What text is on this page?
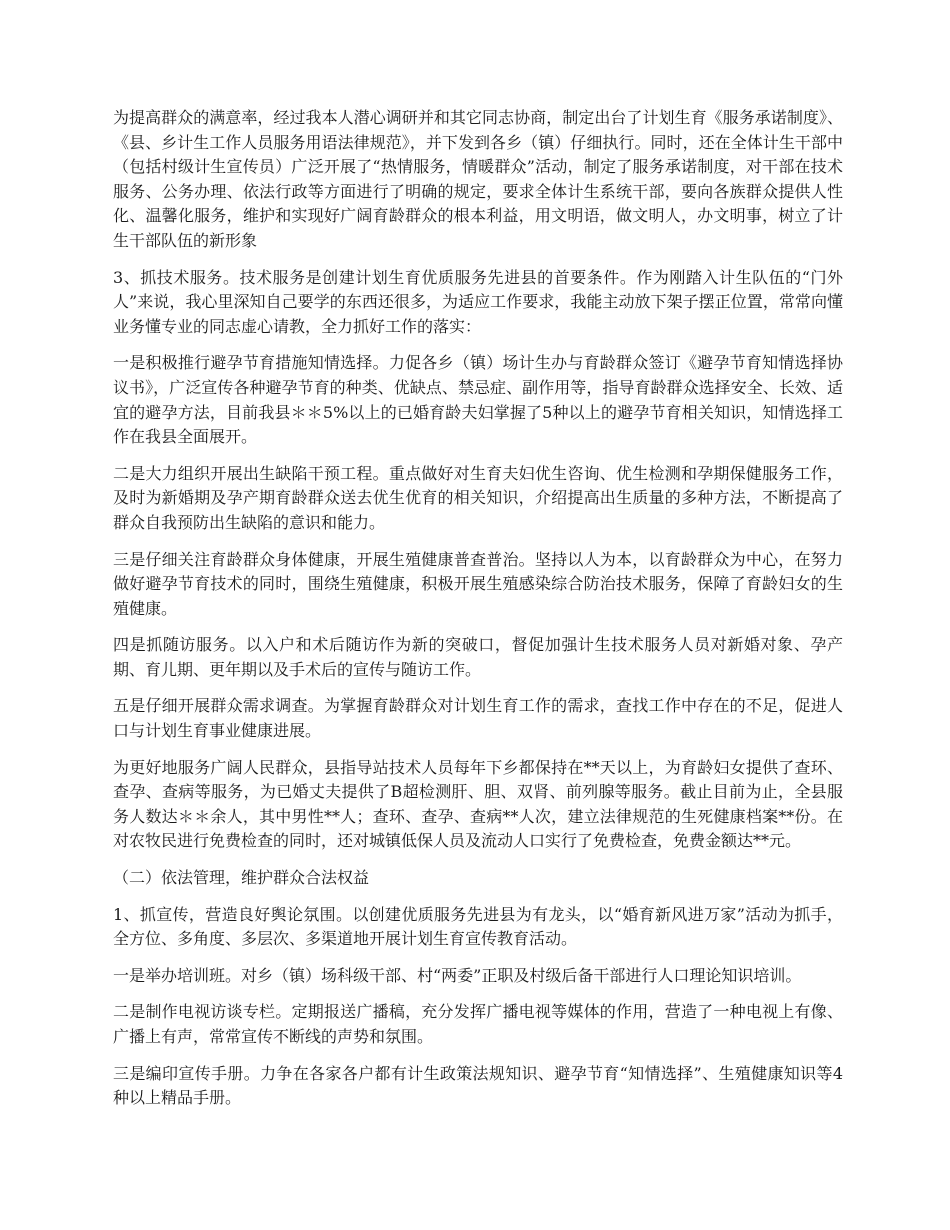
为提高群众的满意率，经过我本人潜心调研并和其它同志协商，制定出台了计划生育《服务承诺制度》、《县、乡计生工作人员服务用语法律规范》，并下发到各乡（镇）仔细执行。同时，还在全体计生干部中（包括村级计生宣传员）广泛开展了“热情服务，情暖群众”活动，制定了服务承诺制度，对干部在技术服务、公务办理、依法行政等方面进行了明确的规定，要求全体计生系统干部，要向各族群众提供人性化、温馨化服务，维护和实现好广阔育龄群众的根本利益，用文明语，做文明人，办文明事，树立了计生干部队伍的新形象

3、抓技术服务。技术服务是创建计划生育优质服务先进县的首要条件。作为刚踏入计生队伍的“门外人”来说，我心里深知自己要学的东西还很多，为适应工作要求，我能主动放下架子摆正位置，常常向懂业务懂专业的同志虚心请教，全力抓好工作的落实：

一是积极推行避孕节育措施知情选择。力促各乡（镇）场计生办与育龄群众签订《避孕节育知情选择协议书》，广泛宣传各种避孕节育的种类、优缺点、禁忌症、副作用等，指导育龄群众选择安全、长效、适宜的避孕方法，目前我县＊＊5%以上的已婚育龄夫妇掌握了5种以上的避孕节育相关知识，知情选择工作在我县全面展开。

二是大力组织开展出生缺陷干预工程。重点做好对生育夫妇优生咨询、优生检测和孕期保健服务工作，及时为新婚期及孕产期育龄群众送去优生优育的相关知识，介绍提高出生质量的多种方法，不断提高了群众自我预防出生缺陷的意识和能力。

三是仔细关注育龄群众身体健康，开展生殖健康普查普治。坚持以人为本，以育龄群众为中心，在努力做好避孕节育技术的同时，围绕生殖健康，积极开展生殖感染综合防治技术服务，保障了育龄妇女的生殖健康。

四是抓随访服务。以入户和术后随访作为新的突破口，督促加强计生技术服务人员对新婚对象、孕产期、育儿期、更年期以及手术后的宣传与随访工作。

五是仔细开展群众需求调查。为掌握育龄群众对计划生育工作的需求，查找工作中存在的不足，促进人口与计划生育事业健康进展。

为更好地服务广阔人民群众，县指导站技术人员每年下乡都保持在**天以上，为育龄妇女提供了查环、查孕、查病等服务，为已婚丈夫提供了B超检测肝、胆、双肾、前列腺等服务。截止目前为止，全县服务人数达＊＊余人，其中男性**人；查环、查孕、查病**人次，建立法律规范的生死健康档案**份。在对农牧民进行免费检查的同时，还对城镇低保人员及流动人口实行了免费检查，免费金额达**元。

（二）依法管理，维护群众合法权益

1、抓宣传，营造良好舆论氛围。以创建优质服务先进县为有龙头，以“婚育新风进万家”活动为抓手，全方位、多角度、多层次、多渠道地开展计划生育宣传教育活动。

一是举办培训班。对乡（镇）场科级干部、村“两委”正职及村级后备干部进行人口理论知识培训。

二是制作电视访谈专栏。定期报送广播稿，充分发挥广播电视等媒体的作用，营造了一种电视上有像、广播上有声，常常宣传不断线的声势和氛围。

三是编印宣传手册。力争在各家各户都有计生政策法规知识、避孕节育“知情选择”、生殖健康知识等4种以上精品手册。
